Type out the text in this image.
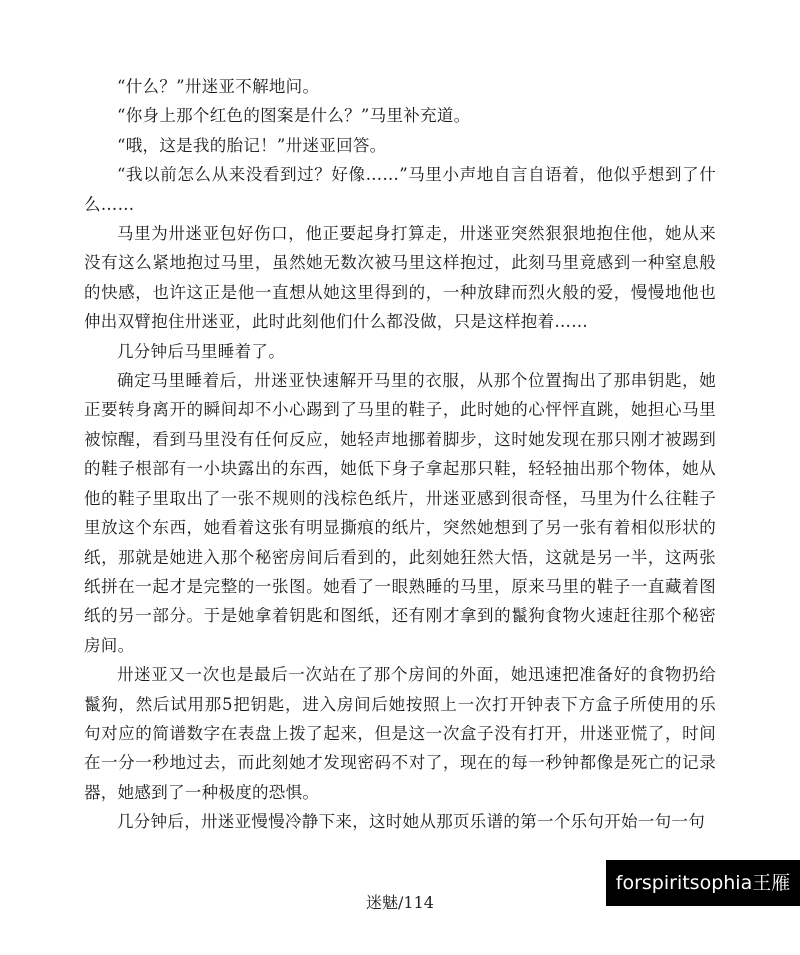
“什么？”卅迷亚不解地问。

“你身上那个红色的图案是什么？”马里补充道。

“哦，这是我的胎记！”卅迷亚回答。

“我以前怎么从来没看到过？好像……”马里小声地自言自语着，他似乎想到了什么……

马里为卅迷亚包好伤口，他正要起身打算走，卅迷亚突然狠狠地抱住他，她从来没有这么紧地抱过马里，虽然她无数次被马里这样抱过，此刻马里竟感到一种窒息般的快感，也许这正是他一直想从她这里得到的，一种放肆而烈火般的爱，慢慢地他也伸出双臂抱住卅迷亚，此时此刻他们什么都没做，只是这样抱着……

几分钟后马里睡着了。

确定马里睡着后，卅迷亚快速解开马里的衣服，从那个位置掏出了那串钥匙，她正要转身离开的瞬间却不小心踢到了马里的鞋子，此时她的心怦怦直跳，她担心马里被惊醒，看到马里没有任何反应，她轻声地挪着脚步，这时她发现在那只刚才被踢到的鞋子根部有一小块露出的东西，她低下身子拿起那只鞋，轻轻抽出那个物体，她从他的鞋子里取出了一张不规则的浅棕色纸片，卅迷亚感到很奇怪，马里为什么往鞋子里放这个东西，她看着这张有明显撕痕的纸片，突然她想到了另一张有着相似形状的纸，那就是她进入那个秘密房间后看到的，此刻她狂然大悟，这就是另一半，这两张纸拼在一起才是完整的一张图。她看了一眼熟睡的马里，原来马里的鞋子一直藏着图纸的另一部分。于是她拿着钥匙和图纸，还有刚才拿到的鬣狗食物火速赶往那个秘密房间。

卅迷亚又一次也是最后一次站在了那个房间的外面，她迅速把准备好的食物扔给鬣狗，然后试用那5把钥匙，进入房间后她按照上一次打开钟表下方盒子所使用的乐句对应的简谱数字在表盘上拨了起来，但是这一次盒子没有打开，卅迷亚慌了，时间在一分一秒地过去，而此刻她才发现密码不对了，现在的每一秒钟都像是死亡的记录器，她感到了一种极度的恐惧。

几分钟后，卅迷亚慢慢冷静下来，这时她从那页乐谱的第一个乐句开始一句一句

迷魅/114
forspiritsophia王雁
